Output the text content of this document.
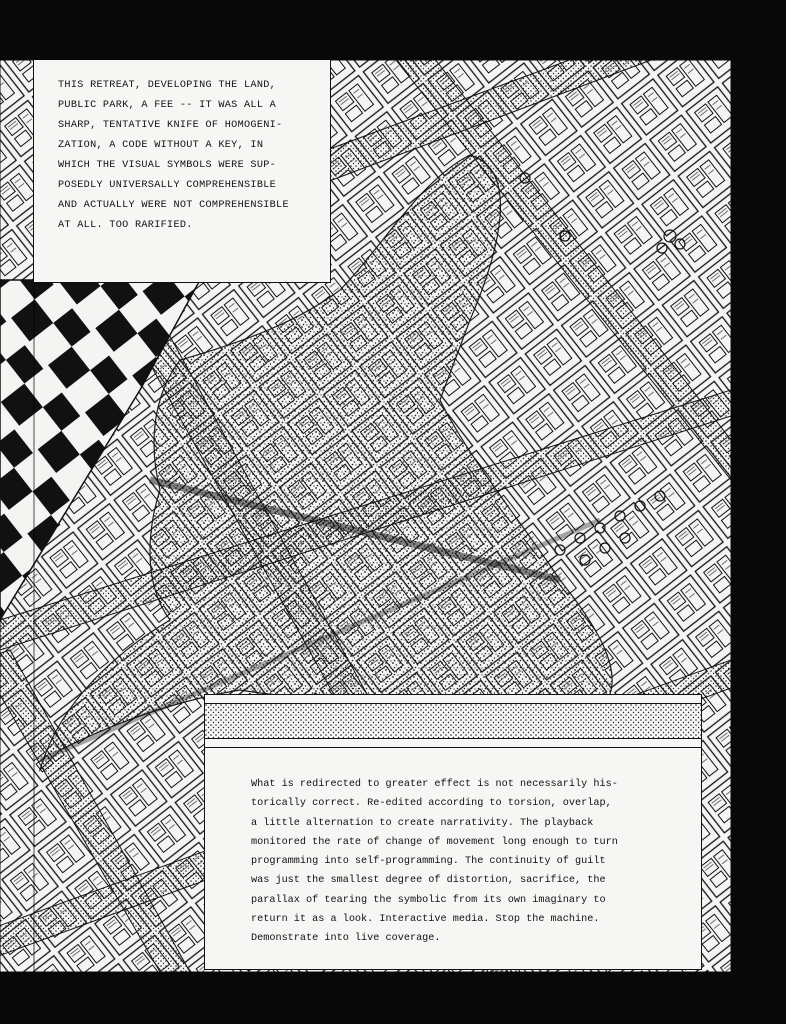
THIS RETREAT, DEVELOPING THE LAND,
PUBLIC PARK, A FEE -- IT WAS ALL A
SHARP, TENTATIVE KNIFE OF HOMOGENI-
ZATION, A CODE WITHOUT A KEY, IN
WHICH THE VISUAL SYMBOLS WERE SUP-
POSEDLY UNIVERSALLY COMPREHENSIBLE
AND ACTUALLY WERE NOT COMPREHENSIBLE
AT ALL. TOO RARIFIED.
What is redirected to greater effect is not necessarily his-
torically correct. Re-edited according to torsion, overlap,
a little alternation to create narrativity. The playback
monitored the rate of change of movement long enough to turn
programming into self-programming. The continuity of guilt
was just the smallest degree of distortion, sacrifice, the
parallax of tearing the symbolic from its own imaginary to
return it as a look. Interactive media. Stop the machine.
Demonstrate into live coverage.
